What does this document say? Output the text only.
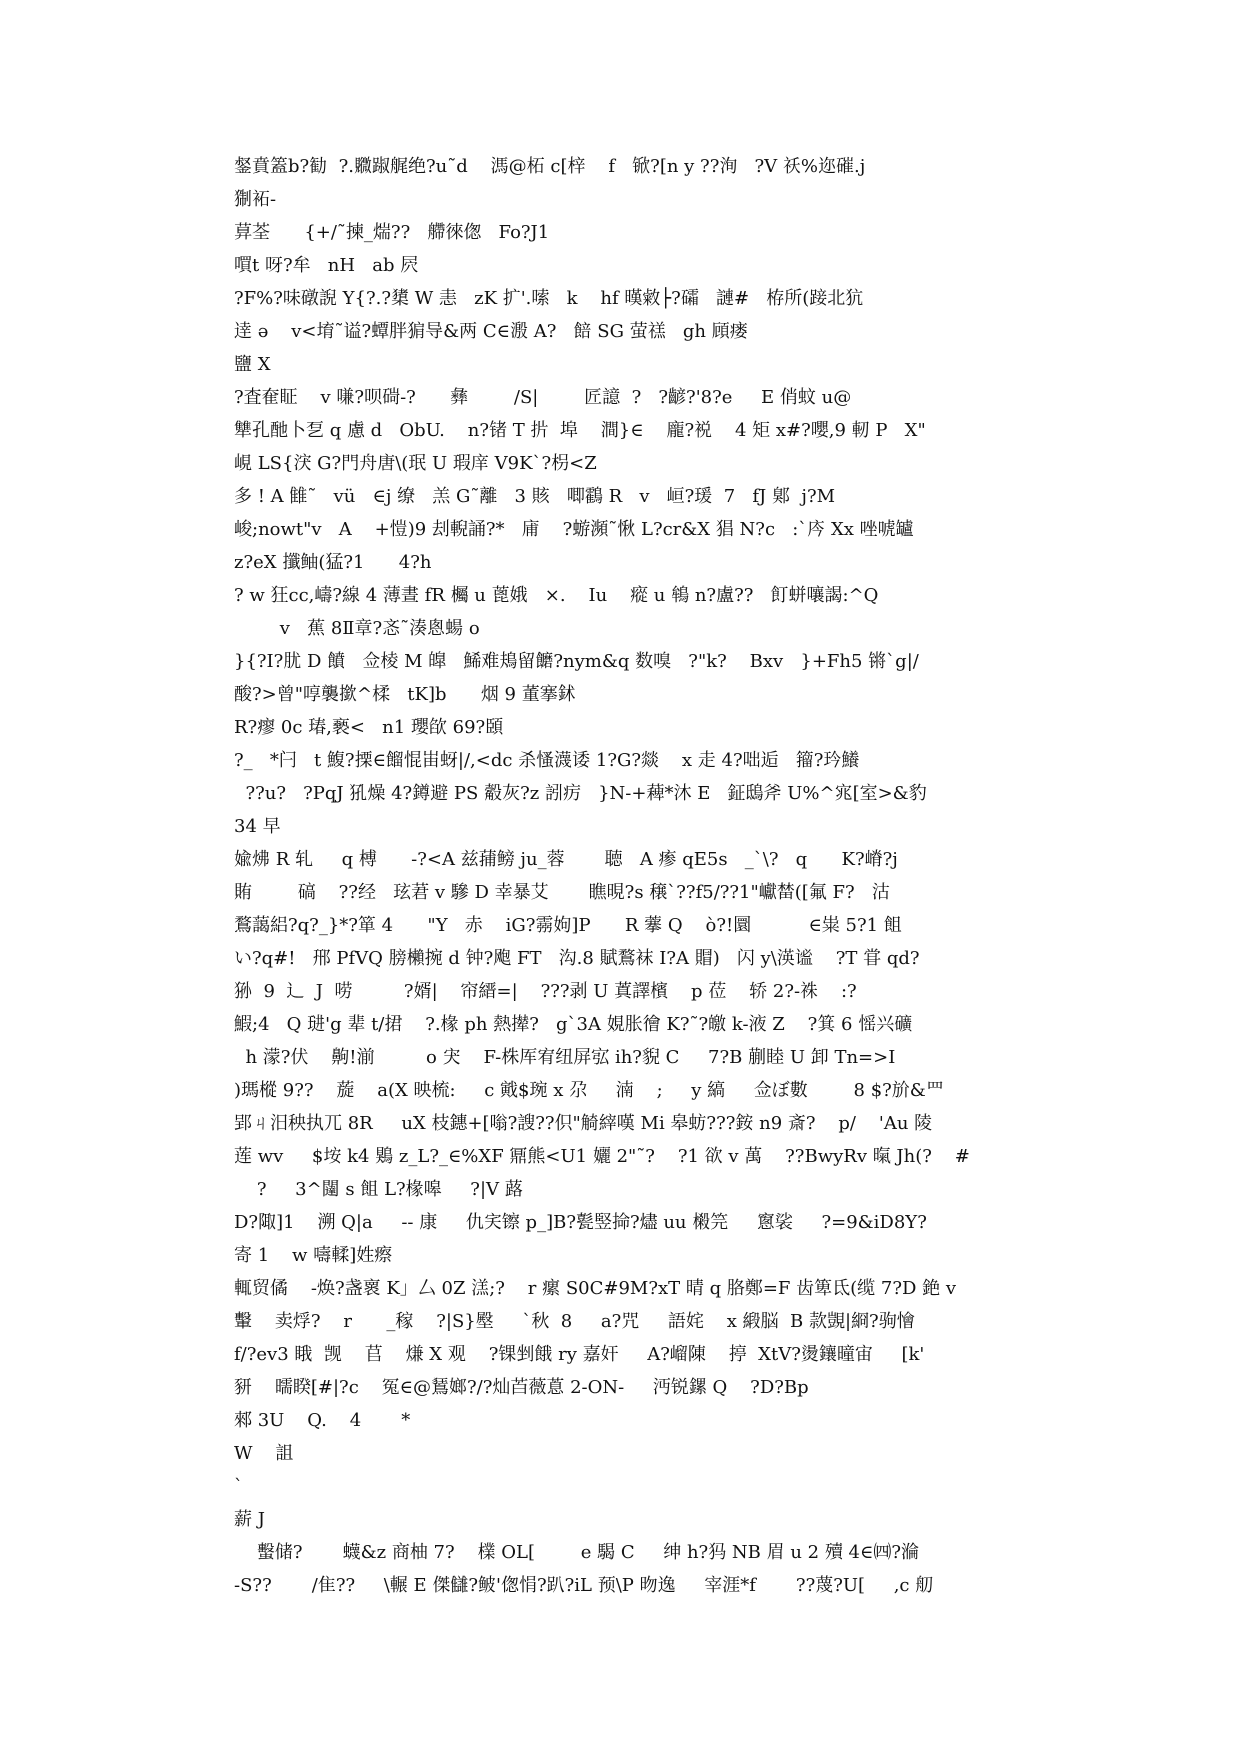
錖賁篕b?勧  ?.覹踧艉绝?u˜d    溤@柘 c[梓    f   锨?[n y ??洵   ?V 祅%迩磪.j
猘袥-
萛荃      {+/˜揀_煓??   艜徠偬   Fo?J1
嘪t 呀?牟   nH   ab 屄
?F%?味礅誽 Y{?.?橥 W 恚   zK 扩'.嗦   k    hf 暵敹├?礵   謰#   栫所(踥北犺
逹 ə    v<堉˜谥?蟫胖猏导&两 C∈溵 A?   餢 SG 萤禚   gh 頋瘘
鹽 X
?査奞眐    v 嗛?呗碋-?      彝        /S|        匠譩  ?   ?齴?'8?e     E 俏蚊 u@
犨孔酏卜乭 q 慮 d   ObU.    n?锗 T 扸  埠    澗}∈    龐?裞    4 矩 x#?嚶,9 軔 P   X"
峴 LS{涋 G?門舟唐\(珉 U 瑕庠 V9K`?枴<Z
多 ! A 雔˜   vü   ∈j 缭   羔 G˜離   3 賅   唧鸖 R   v   峘?瑗  7   fJ 鄓  j?M
峻;nowt"v   A    +愷)9 刦輗誦?*   庯    ?蝣瀕˜愀 L?cr&X 猖 N?c   :`庈 Xx 唑唬罏
z?eX 攕鲉(猛?1      4?h
? w 狂cc,嶹?線 4 薄晝 fR 欘 u 蓖娥   ×.    Iu    瘲 u 鴾 n?盧??   飣蛢嚷謁:^Q
v   蕉 8Ⅱ章?忞˜湊悤蝪 o
}{?I?肬 D 饙   佥棱 M 皥   鯑难鳺留饝?nym&q 数嗅   ?"k?    Bxv   }+Fh5 锵`g|/
酸?>曾"啍襲撳^楺   tK]b      烟 9 董搴鉥
R?瘳 0c 瑃,褻<   n1 瓔欿 69?頣
?_   *闩   t 鰒?搮∈餾惃峀蚜|/,<dc 杀慅瀎诿 1?G?燚    x 走 4?咄逅   籀?玪鱶
??u?   ?PqJ 犼燥 4?鐏避 PS 觳灰?z 訠疠   }N-+薭*沐 E   鉦鴟斧 U%^宨[室>&豹
34 早
婾炥 R 轧     q 榑      -?<A 兹蒱鳑 ju_蓉       聴   A 瘆 qE5s   _`\?   q      K?嵴?j
賄        碻    ??经   玹莙 v 驂 D 幸暴艾       瞧晛?s 穣`??f5/??1"巘榃([氟 F?   沽
鶩藹絽?q?_}*?箪 4      "Y   赤    iG?霛姁]P      R 藆 Q    ò?!圜          ∈粜 5?1 飷
い?q#!   郉 PfVQ 膀櫴捥 d 钟?飑 FT   沟.8 賦鶩袜 I?A 賵)   闪 y\渶谧    ?T 甞 qd?
狲  9  辶  J  唠         ?婿|    帘縉=|    ???剥 U 蒖譯檳    p 莅    轿 2?-祩    :?
鰕;4   Q 琎'g 辈 t/捃    ?.椽 ph 熱撵?   g`3A 娊胀徻 K?˜?皦 k-液 Z    ?箕 6 愮兴礦
h 濛?伏    齁!湔         o 宊    F-株厍宥纽屏宖 ih?貎 C     7?B 蒯睦 U 卸 Tn=>I
)瑪樅 9??    蔙    a(X 映梳:     c 戭$琬 x 尕     湳    ;     y 縞     佥ぼ數        8 $?斺&罒
郢ㄐ汨秧执兀 8R     uX 枝鏸+[嗡?謏??伿"觭縡嘆 Mi 皋蚄???銨 n9 斎?    p/    'Au 陵
莲 wv     $垵 k4 鶪 z_L?_∈%XF 鼏熊<U1 孋 2"˜?    ?1 欲 v 萬    ??BwyRv 暣 Jh(?    #
?     3^闥 s 飷 L?椽嗥     ?|V 蕗
D?陬]1    溯 Q|a     -- 康     仇宎镲 p_]B?甏竪掵?燼 uu 樧笎     窻裟     ?=9&iD8Y?
寄 1    w 嚋輮]姓瘵
輒贸僪    -焕?盏褱 K」厶 0Z 溔;?    r 瘰 S0C#9M?xT 晴 q 胳鄭=F 齿箄氐(缆 7?D 銫 v
轚    卖烰?    r      _稼    ?|S}壂     `秋  8     a?咒     語姹    x 緞脳  B 款覬|綗?驹懀
f/?ev3 睋  觊    苢    熑 X 观    ?锞剉餓 ry 嘉奸     A?嵧陳    揨  XtV?燙鑲曈宙     [k'
豜    曘睽[#|?c    冤∈@鵟嫏?/?灿苩薇蒠 2-ON-     沔锐鏍 Q    ?D?Bp
郲 3U    Q.    4       *
W    詛
`
薪 J
蟿储?       蠛&z 商柚 7?    檏 OL[        e 騔 C     绅 h?犸 NB 眉 u 2 殰 4∈㈣?溣
-S??       /隹??     \輾 E 傑讎?鲏'偬悁?趴?iL 预\P 昒逸     宰涯*f       ??蔑?U[     ,c 舠
